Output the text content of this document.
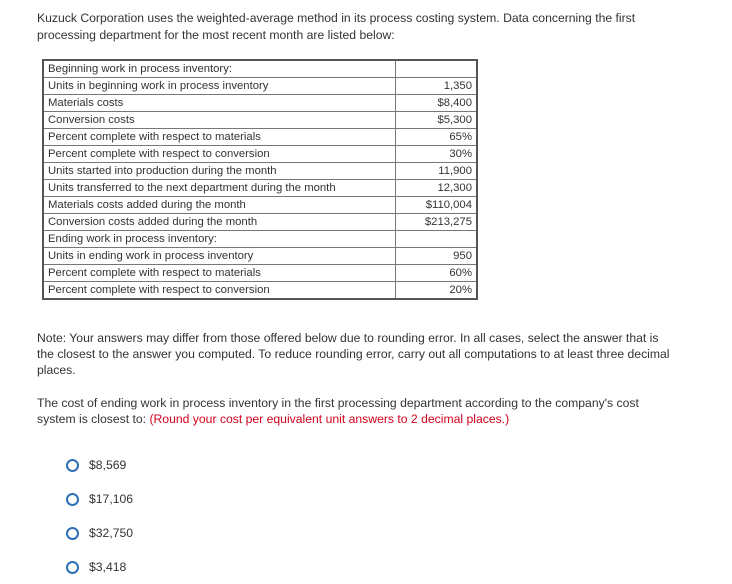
Kuzuck Corporation uses the weighted-average method in its process costing system. Data concerning the first processing department for the most recent month are listed below:
Beginning work in process inventory:	
Units in beginning work in process inventory	1,350
Materials costs	$8,400
Conversion costs	$5,300
Percent complete with respect to materials	65%
Percent complete with respect to conversion	30%
Units started into production during the month	11,900
Units transferred to the next department during the month	12,300
Materials costs added during the month	$110,004
Conversion costs added during the month	$213,275
Ending work in process inventory:	
Units in ending work in process inventory	950
Percent complete with respect to materials	60%
Percent complete with respect to conversion	20%
Note: Your answers may differ from those offered below due to rounding error. In all cases, select the answer that is the closest to the answer you computed. To reduce rounding error, carry out all computations to at least three decimal places.
The cost of ending work in process inventory in the first processing department according to the company's cost system is closest to: (Round your cost per equivalent unit answers to 2 decimal places.)
$8,569
$17,106
$32,750
$3,418
